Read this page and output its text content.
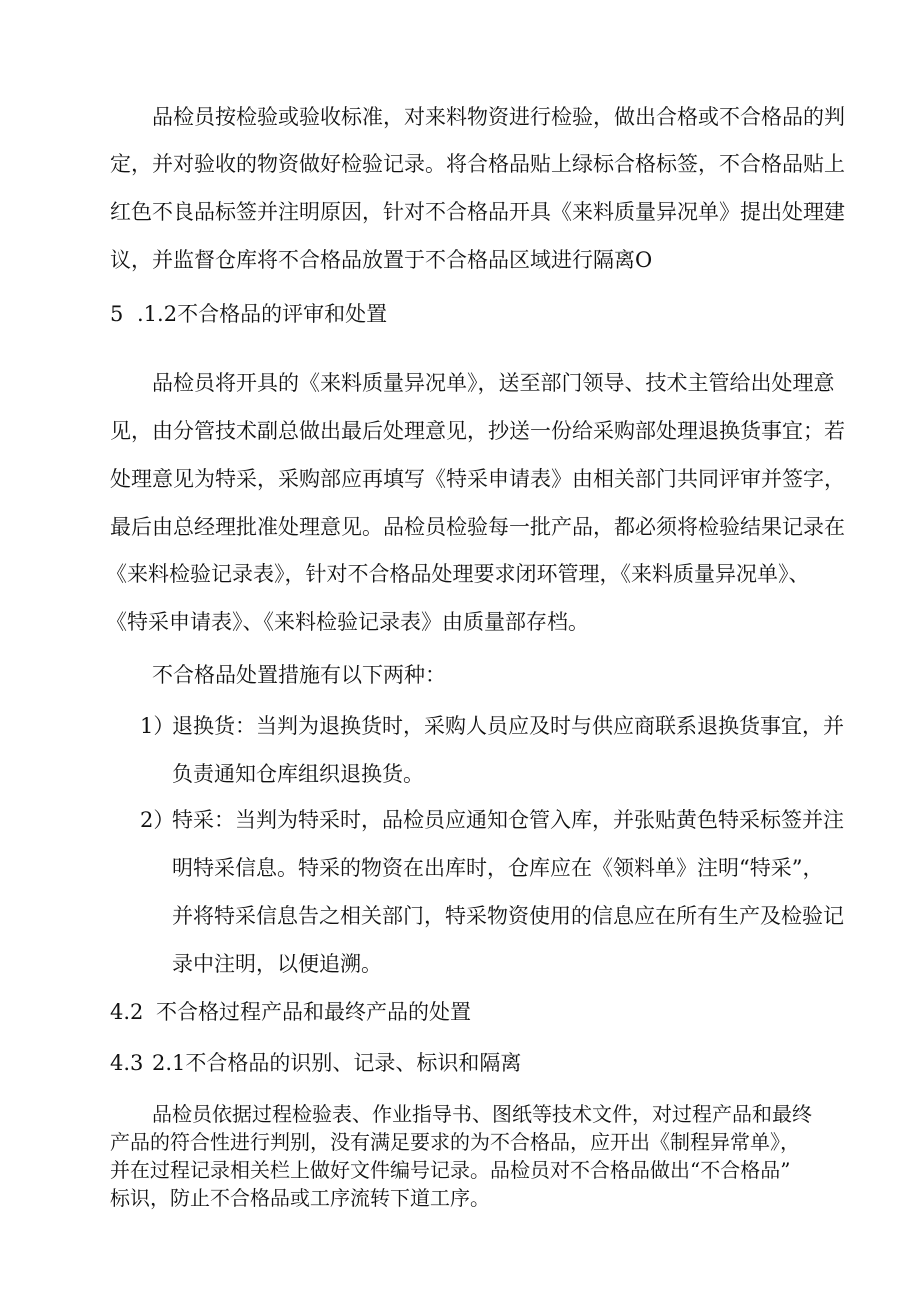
品检员按检验或验收标准，对来料物资进行检验，做出合格或不合格品的判
定，并对验收的物资做好检验记录。将合格品贴上绿标合格标签，不合格品贴上
红色不良品标签并注明原因，针对不合格品开具《来料质量异况单》提出处理建
议，并监督仓库将不合格品放置于不合格品区域进行隔离O
5 .1.2不合格品的评审和处置
品检员将开具的《来料质量异况单》，送至部门领导、技术主管给出处理意
见，由分管技术副总做出最后处理意见，抄送一份给采购部处理退换货事宜；若
处理意见为特采，采购部应再填写《特采申请表》由相关部门共同评审并签字，
最后由总经理批准处理意见。品检员检验每一批产品，都必须将检验结果记录在
《来料检验记录表》，针对不合格品处理要求闭环管理，《来料质量异况单》、
《特采申请表》、《来料检验记录表》由质量部存档。
不合格品处置措施有以下两种：
1）
退换货：当判为退换货时，采购人员应及时与供应商联系退换货事宜，并
负责通知仓库组织退换货。
2）
特采：当判为特采时，品检员应通知仓管入库，并张贴黄色特采标签并注
明特采信息。特采的物资在出库时，仓库应在《领料单》注明“特采”，
并将特采信息告之相关部门，特采物资使用的信息应在所有生产及检验记
录中注明，以便追溯。
4.2 不合格过程产品和最终产品的处置
4.3 2.1不合格品的识别、记录、标识和隔离
品检员依据过程检验表、作业指导书、图纸等技术文件，对过程产品和最终
产品的符合性进行判别，没有满足要求的为不合格品，应开出《制程异常单》，
并在过程记录相关栏上做好文件编号记录。品检员对不合格品做出“不合格品”
标识，防止不合格品或工序流转下道工序。
